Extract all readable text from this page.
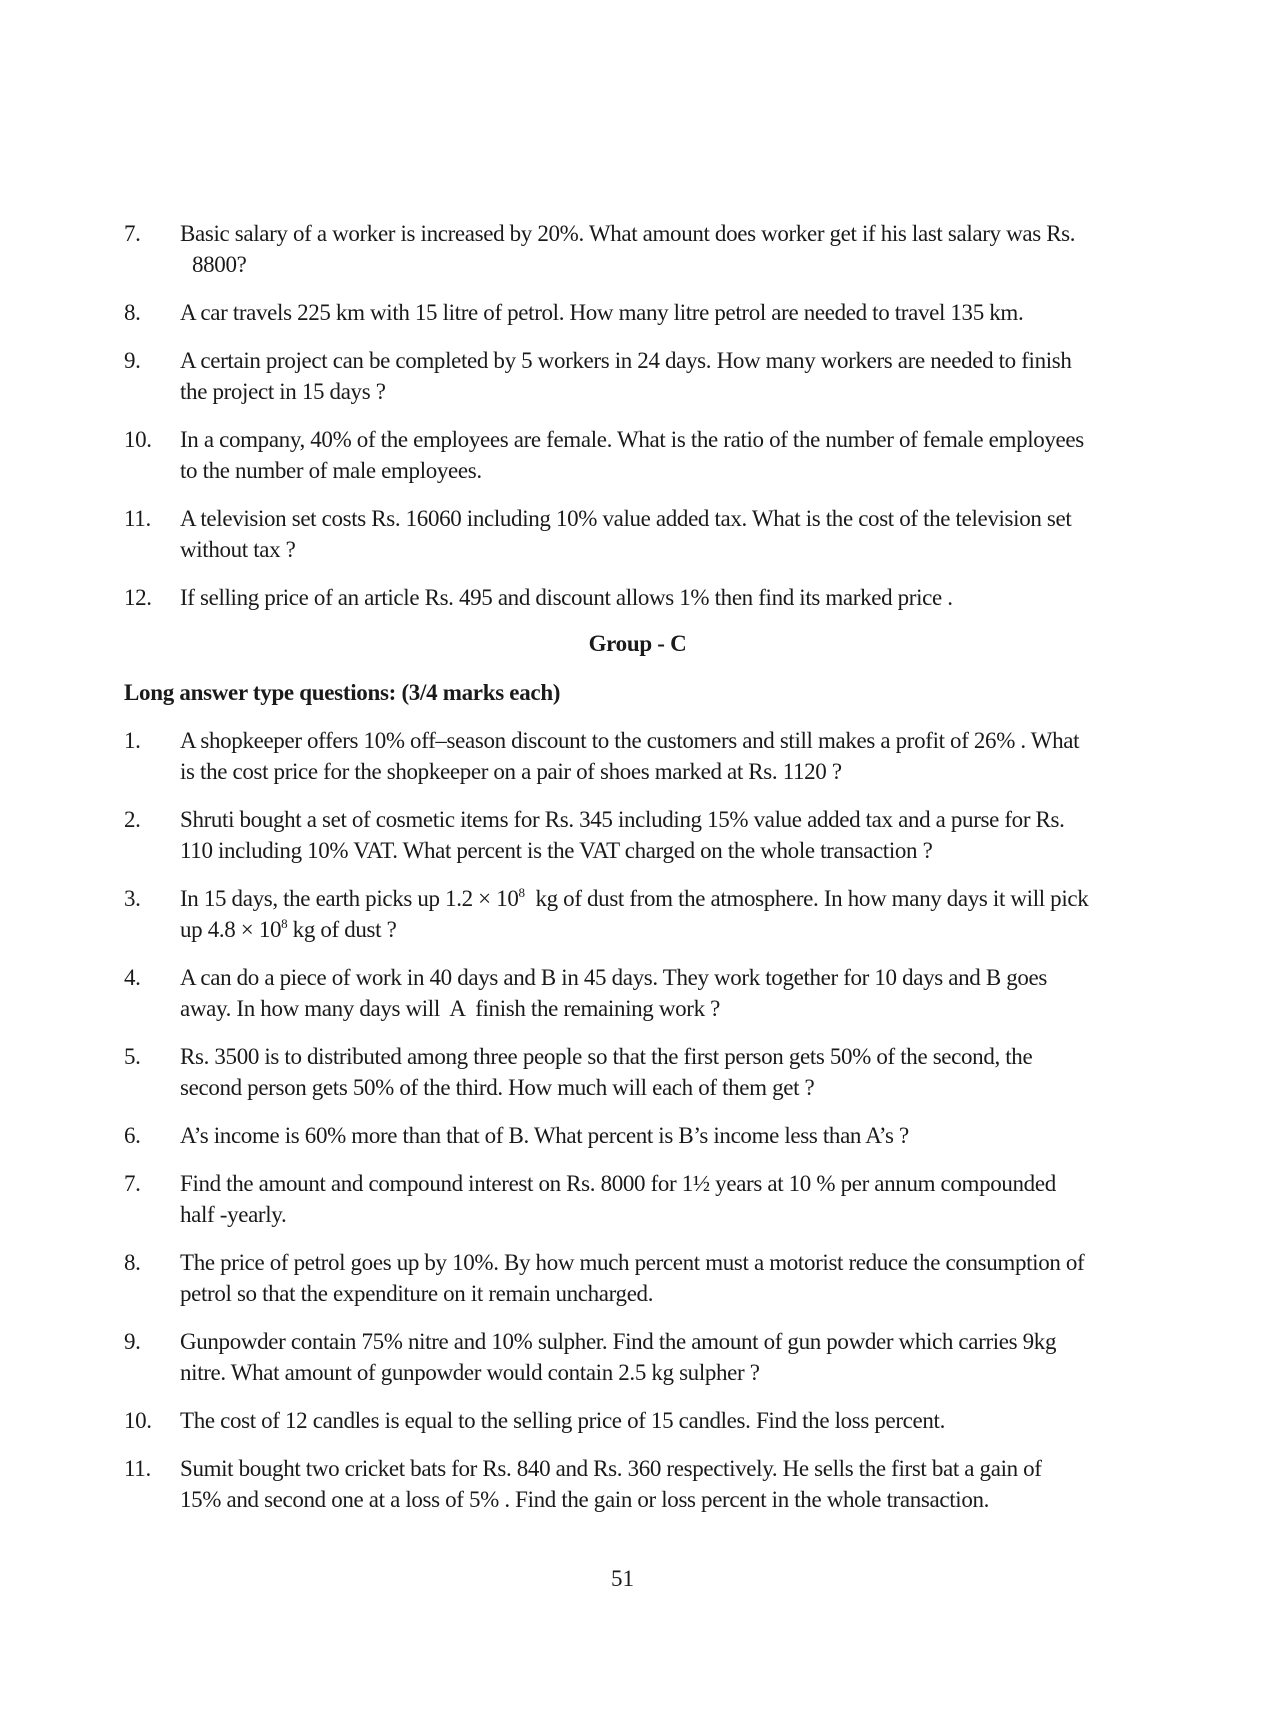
7.	Basic salary of a worker is increased by 20%. What amount does worker get if his last salary was Rs.
8800?
8.	A car travels 225 km with 15 litre of petrol. How many litre petrol are needed to travel 135 km.
9.	A certain project can be completed by 5 workers in 24 days. How many workers are needed to finish
the project in 15 days ?
10.	In a company, 40% of the employees are female. What is the ratio of the number of female employees
to the number of male employees.
11.	A television set costs Rs. 16060 including 10% value added tax. What is the cost of the television set
without tax ?
12.	If selling price of an article Rs. 495 and discount allows 1% then find its marked price .
Group - C
Long answer type questions: (3/4 marks each)
1.	A shopkeeper offers 10% off–season discount to the customers and still makes a profit of 26% . What
is the cost price for the shopkeeper on a pair of shoes marked at Rs. 1120 ?
2.	Shruti bought a set of cosmetic items for Rs. 345 including 15% value added tax and a purse for Rs.
110 including 10% VAT. What percent is the VAT charged on the whole transaction ?
3.	In 15 days, the earth picks up $1.2 \times 10^8$  kg of dust from the atmosphere. In how many days it will pick
up $4.8 \times 10^8$ kg of dust ?
4.	A can do a piece of work in 40 days and B in 45 days. They work together for 10 days and B goes
away. In how many days will  A  finish the remaining work ?
5.	Rs. 3500 is to distributed among three people so that the first person gets 50% of the second, the
second person gets 50% of the third. How much will each of them get ?
6.	A’s income is 60% more than that of B. What percent is B’s income less than A’s ?
7.	Find the amount and compound interest on Rs. 8000 for 1½ years at 10 % per annum compounded
half -yearly.
8.	The price of petrol goes up by 10%. By how much percent must a motorist reduce the consumption of
petrol so that the expenditure on it remain uncharged.
9.	Gunpowder contain 75% nitre and 10% sulpher. Find the amount of gun powder which carries 9kg
nitre. What amount of gunpowder would contain 2.5 kg sulpher ?
10.	The cost of 12 candles is equal to the selling price of 15 candles. Find the loss percent.
11.	Sumit bought two cricket bats for Rs. 840 and Rs. 360 respectively. He sells the first bat a gain of
15% and second one at a loss of 5% . Find the gain or loss percent in the whole transaction.
51
